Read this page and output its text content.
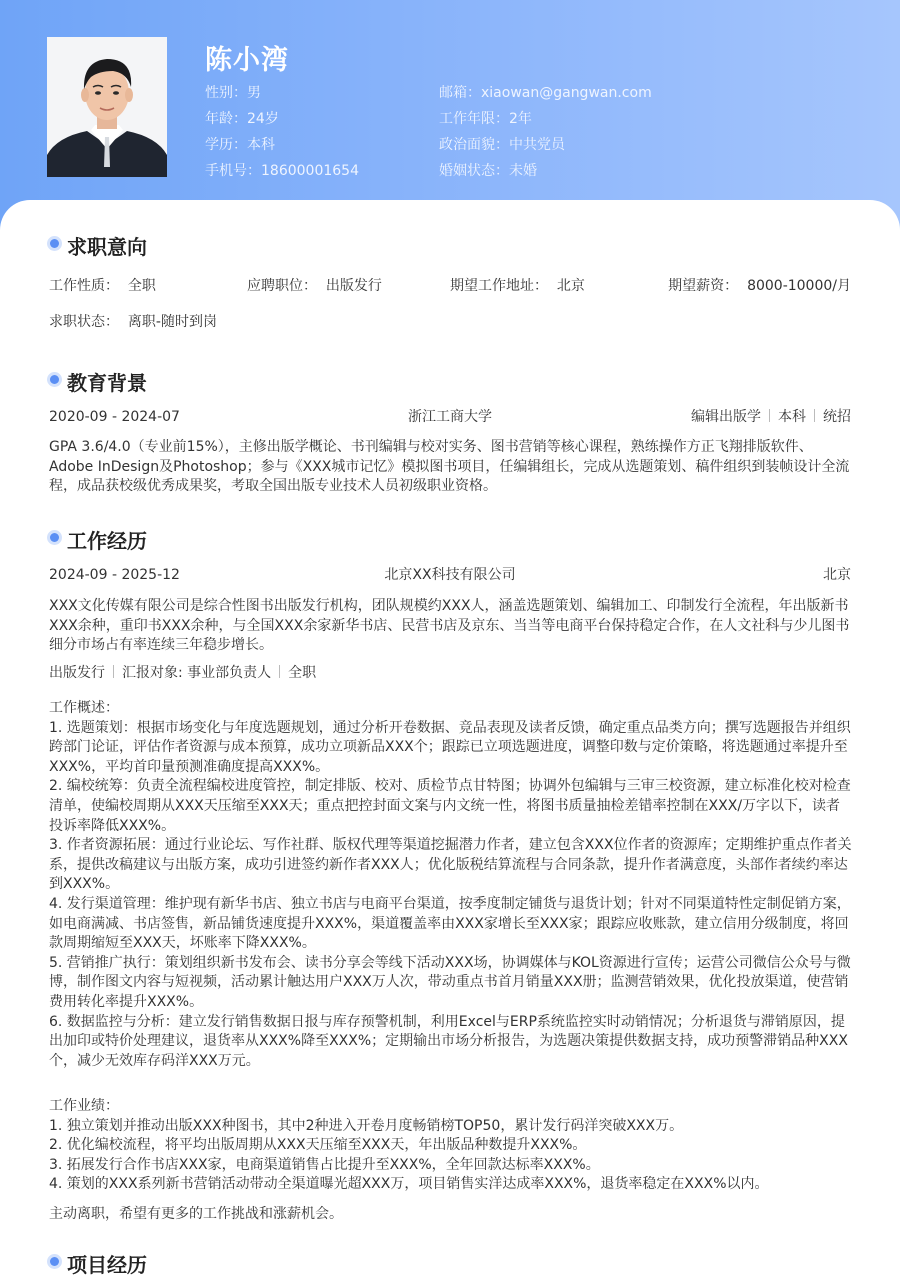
陈小湾
性别：男
年龄：24岁
学历：本科
手机号：18600001654
邮箱：xiaowan@gangwan.com
工作年限：2年
政治面貌：中共党员
婚姻状态：未婚
求职意向
工作性质： 全职	应聘职位： 出版发行	期望工作地址： 北京	期望薪资： 8000-10000/月
求职状态： 离职-随时到岗
教育背景
2020-09 - 2024-07	浙江工商大学	编辑出版学 本科 统招

GPA 3.6/4.0（专业前15%），主修出版学概论、书刊编辑与校对实务、图书营销等核心课程，熟练操作方正飞翔排版软件、Adobe InDesign及Photoshop；参与《XXX城市记忆》模拟图书项目，任编辑组长，完成从选题策划、稿件组织到装帧设计全流程，成品获校级优秀成果奖，考取全国出版专业技术人员初级职业资格。

工作经历
2024-09 - 2025-12	北京XX科技有限公司	北京

XXX文化传媒有限公司是综合性图书出版发行机构，团队规模约XXX人，涵盖选题策划、编辑加工、印制发行全流程，年出版新书XXX余种，重印书XXX余种，与全国XXX余家新华书店、民营书店及京东、当当等电商平台保持稳定合作，在人文社科与少儿图书细分市场占有率连续三年稳步增长。

出版发行 汇报对象: 事业部负责人 全职

工作概述：

1. 选题策划：根据市场变化与年度选题规划，通过分析开卷数据、竞品表现及读者反馈，确定重点品类方向；撰写选题报告并组织跨部门论证，评估作者资源与成本预算，成功立项新品XXX个；跟踪已立项选题进度，调整印数与定价策略，将选题通过率提升至XXX%，平均首印量预测准确度提高XXX%。

2. 编校统筹：负责全流程编校进度管控，制定排版、校对、质检节点甘特图；协调外包编辑与三审三校资源，建立标准化校对检查清单，使编校周期从XXX天压缩至XXX天；重点把控封面文案与内文统一性，将图书质量抽检差错率控制在XXX/万字以下，读者投诉率降低XXX%。

3. 作者资源拓展：通过行业论坛、写作社群、版权代理等渠道挖掘潜力作者，建立包含XXX位作者的资源库；定期维护重点作者关系，提供改稿建议与出版方案，成功引进签约新作者XXX人；优化版税结算流程与合同条款，提升作者满意度，头部作者续约率达到XXX%。

4. 发行渠道管理：维护现有新华书店、独立书店与电商平台渠道，按季度制定铺货与退货计划；针对不同渠道特性定制促销方案，如电商满减、书店签售，新品铺货速度提升XXX%，渠道覆盖率由XXX家增长至XXX家；跟踪应收账款，建立信用分级制度，将回款周期缩短至XXX天，坏账率下降XXX%。

5. 营销推广执行：策划组织新书发布会、读书分享会等线下活动XXX场，协调媒体与KOL资源进行宣传；运营公司微信公众号与微博，制作图文内容与短视频，活动累计触达用户XXX万人次，带动重点书首月销量XXX册；监测营销效果，优化投放渠道，使营销费用转化率提升XXX%。

6. 数据监控与分析：建立发行销售数据日报与库存预警机制，利用Excel与ERP系统监控实时动销情况；分析退货与滞销原因，提出加印或特价处理建议，退货率从XXX%降至XXX%；定期输出市场分析报告，为选题决策提供数据支持，成功预警滞销品种XXX个，减少无效库存码洋XXX万元。

工作业绩：

1. 独立策划并推动出版XXX种图书，其中2种进入开卷月度畅销榜TOP50，累计发行码洋突破XXX万。

2. 优化编校流程，将平均出版周期从XXX天压缩至XXX天，年出版品种数提升XXX%。

3. 拓展发行合作书店XXX家，电商渠道销售占比提升至XXX%，全年回款达标率XXX%。

4. 策划的XXX系列新书营销活动带动全渠道曝光超XXX万，项目销售实洋达成率XXX%，退货率稳定在XXX%以内。

主动离职，希望有更多的工作挑战和涨薪机会。
项目经历
